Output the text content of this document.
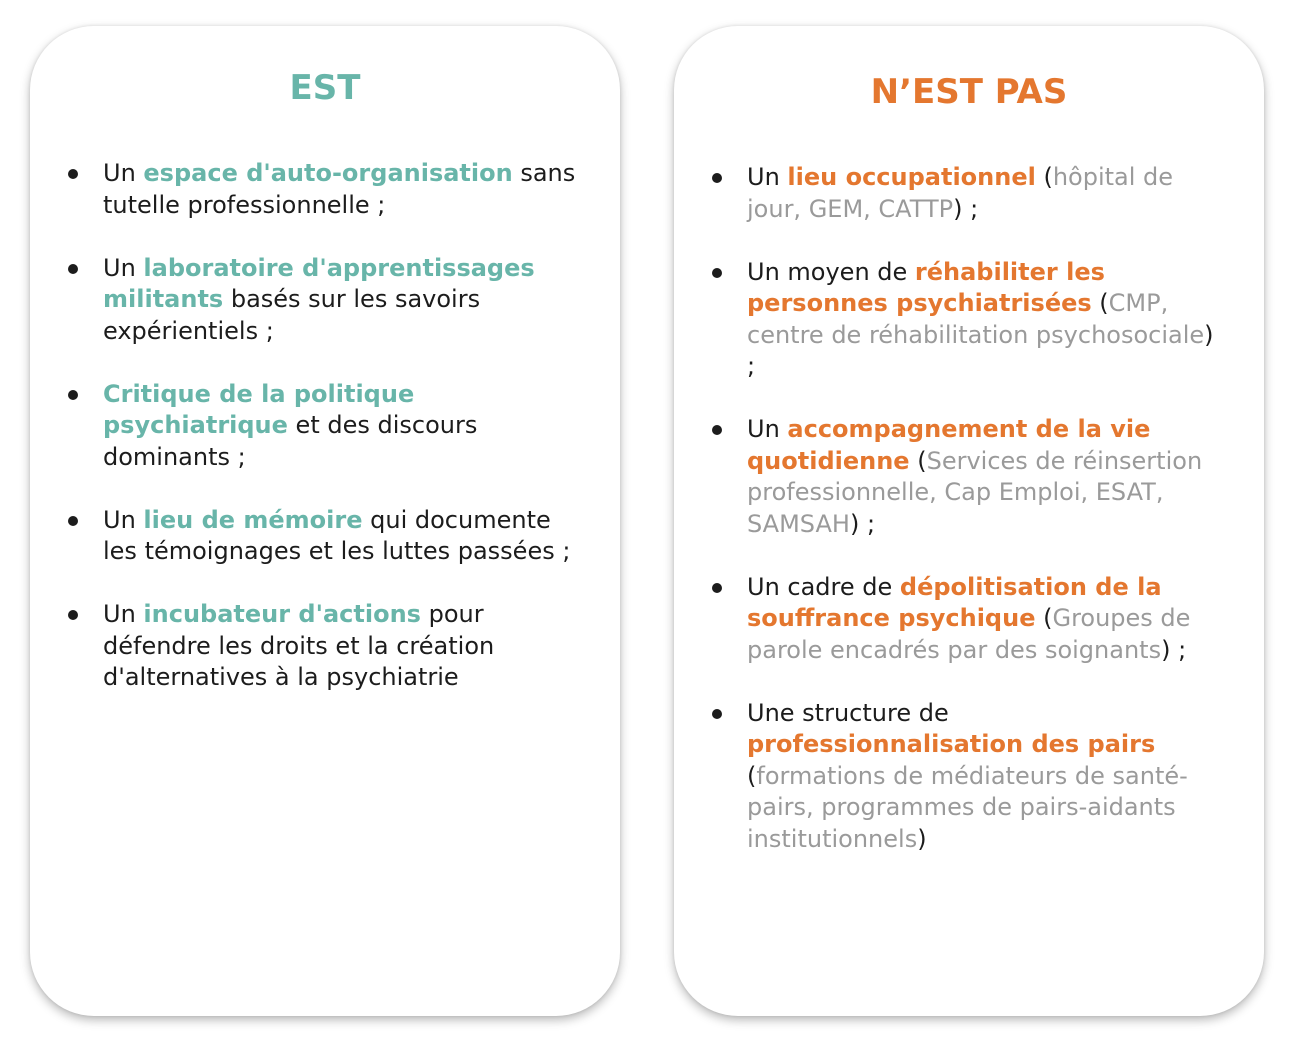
EST
Un espace d'auto-organisation sans tutelle professionnelle ;
Un laboratoire d'apprentissages militants basés sur les savoirs expérientiels ;
Critique de la politique psychiatrique et des discours dominants ;
Un lieu de mémoire qui documente les témoignages et les luttes passées ;
Un incubateur d'actions pour défendre les droits et la création d'alternatives à la psychiatrie
N’EST PAS
Un lieu occupationnel (hôpital de jour, GEM, CATTP) ;
Un moyen de réhabiliter les personnes psychiatrisées (CMP, centre de réhabilitation psychosociale) ;
Un accompagnement de la vie quotidienne (Services de réinsertion professionnelle, Cap Emploi, ESAT, SAMSAH) ;
Un cadre de dépolitisation de la souffrance psychique (Groupes de parole encadrés par des soignants) ;
Une structure de professionnalisation des pairs (formations de médiateurs de santé-pairs, programmes de pairs-aidants institutionnels)
